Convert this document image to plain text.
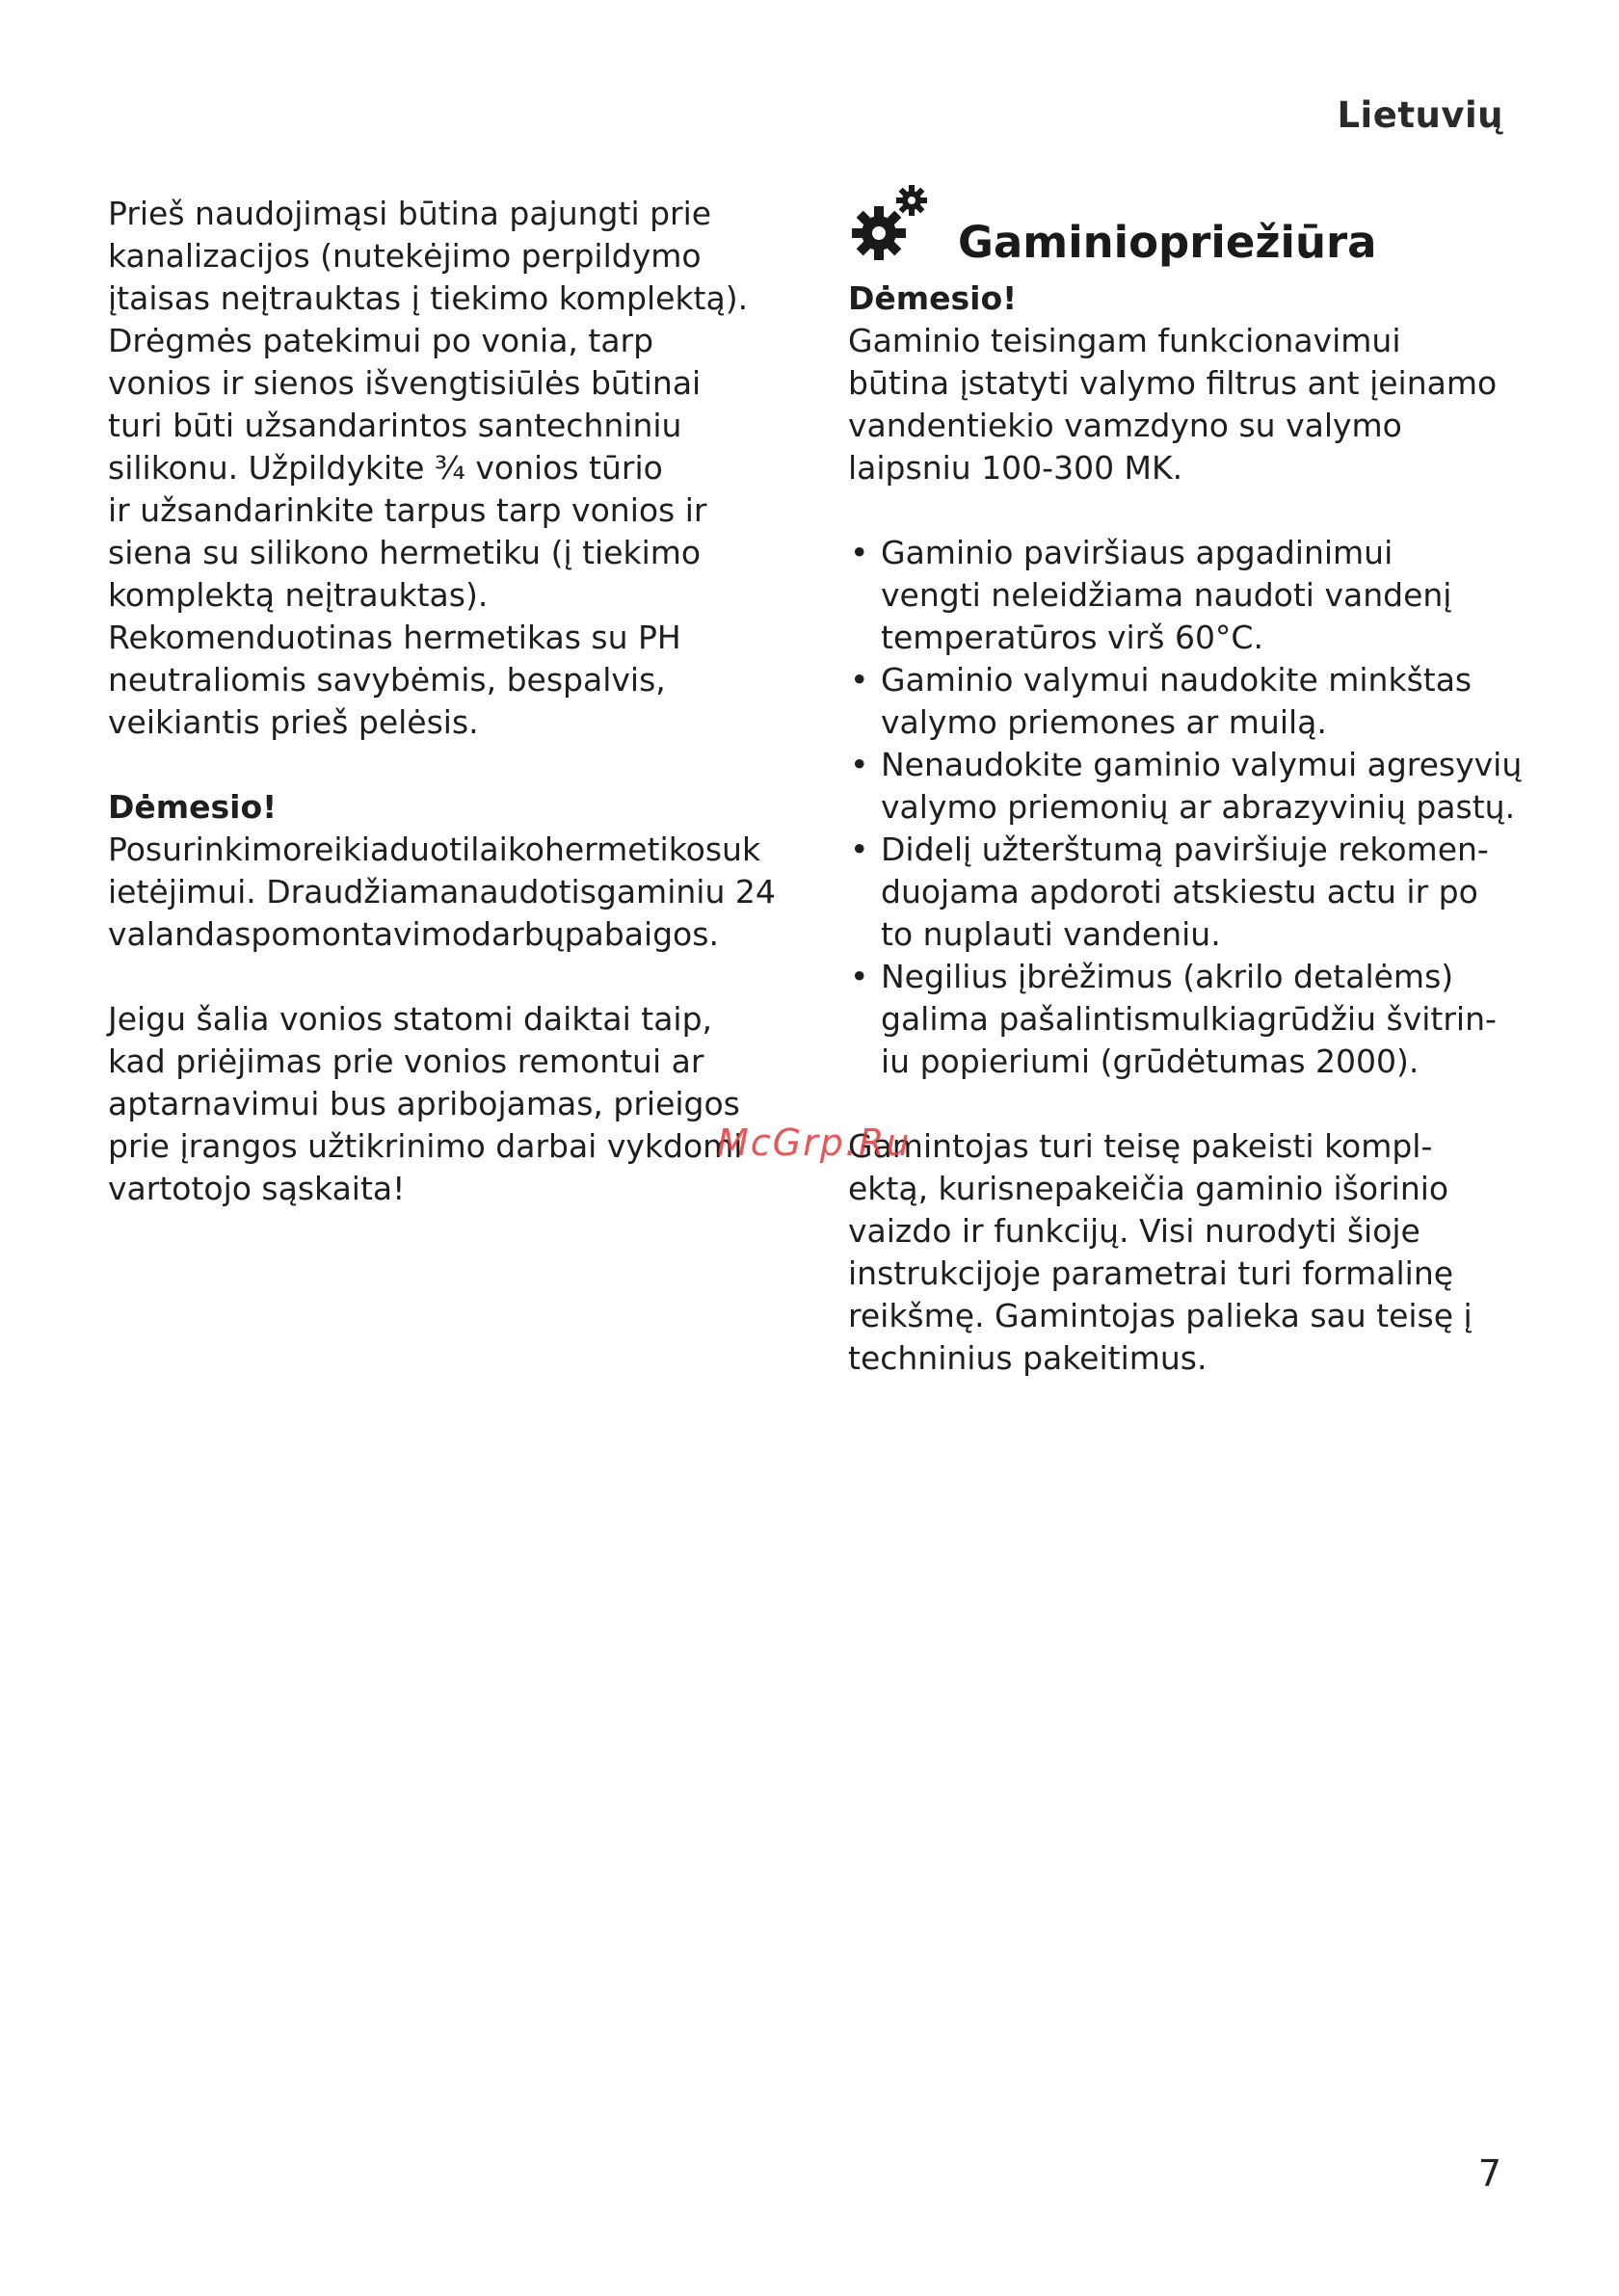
Lietuvių

Prieš naudojimąsi būtina pajungti prie
kanalizacijos (nutekėjimo perpildymo
įtaisas neįtrauktas į tiekimo komplektą).
Drėgmės patekimui po vonia, tarp
vonios ir sienos išvengtisiūlės būtinai
turi būti užsandarintos santechniniu
silikonu. Užpildykite ¾ vonios tūrio
ir užsandarinkite tarpus tarp vonios ir
siena su silikono hermetiku (į tiekimo
komplektą neįtrauktas).
Rekomenduotinas hermetikas su PH
neutraliomis savybėmis, bespalvis,
veikiantis prieš pelėsis.

Dėmesio!
Posurinkimoreikiaduotilaikohermetikosuk
ietėjimui. Draudžiamanaudotisgaminiu 24
valandaspomontavimodarbųpabaigos.

Jeigu šalia vonios statomi daiktai taip,
kad priėjimas prie vonios remontui ar
aptarnavimui bus apribojamas, prieigos
prie įrangos užtikrinimo darbai vykdomi
vartotojo sąskaita!

Gaminiopriežiūra

Dėmesio!
Gaminio teisingam funkcionavimui
būtina įstatyti valymo filtrus ant įeinamo
vandentiekio vamzdyno su valymo
laipsniu 100-300 MK.

• Gaminio paviršiaus apgadinimui
vengti neleidžiama naudoti vandenį
temperatūros virš 60°C.
• Gaminio valymui naudokite minkštas
valymo priemones ar muilą.
• Nenaudokite gaminio valymui agresyvių
valymo priemonių ar abrazyvinių pastų.
• Didelį užterštumą paviršiuje rekomen-
duojama apdoroti atskiestu actu ir po
to nuplauti vandeniu.
• Negilius įbrėžimus (akrilo detalėms)
galima pašalintismulkiagrūdžiu švitrin-
iu popieriumi (grūdėtumas 2000).

Gamintojas turi teisę pakeisti kompl-
ektą, kurisnepakeičia gaminio išorinio
vaizdo ir funkcijų. Visi nurodyti šioje
instrukcijoje parametrai turi formalinę
reikšmę. Gamintojas palieka sau teisę į
techninius pakeitimus.

McGrp.Ru
7
